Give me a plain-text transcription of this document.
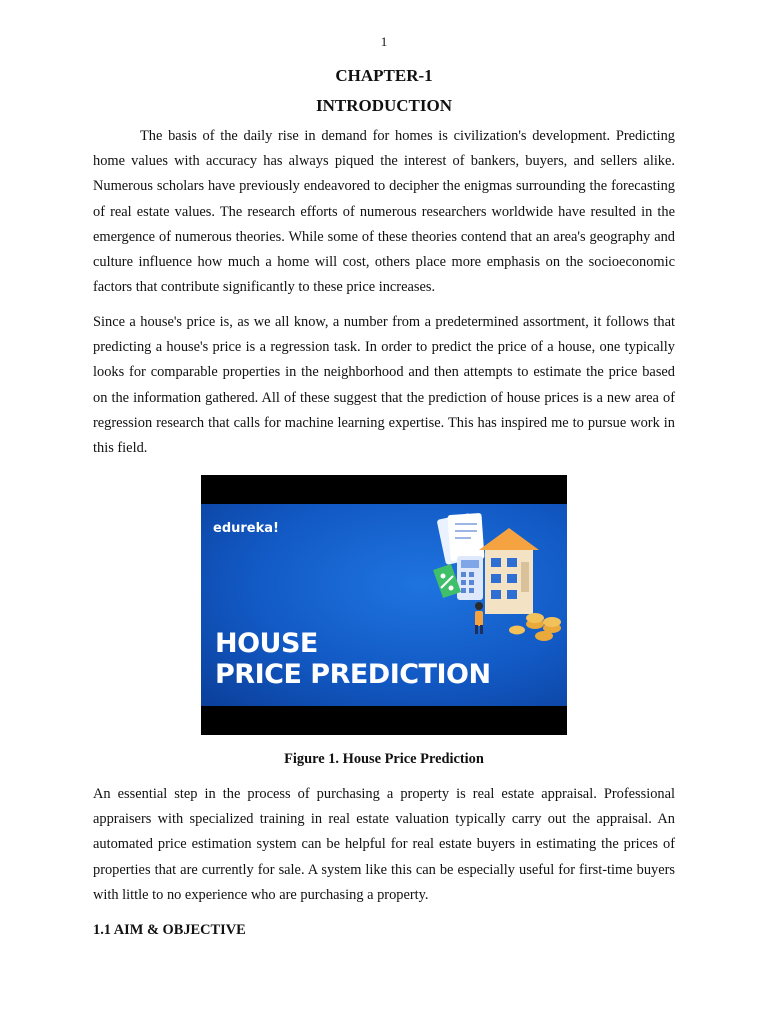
1
CHAPTER-1
INTRODUCTION

The basis of the daily rise in demand for homes is civilization's development. Predicting home values with accuracy has always piqued the interest of bankers, buyers, and sellers alike. Numerous scholars have previously endeavored to decipher the enigmas surrounding the forecasting of real estate values. The research efforts of numerous researchers worldwide have resulted in the emergence of numerous theories. While some of these theories contend that an area's geography and culture influence how much a home will cost, others place more emphasis on the socioeconomic factors that contribute significantly to these price increases.

Since a house's price is, as we all know, a number from a predetermined assortment, it follows that predicting a house's price is a regression task. In order to predict the price of a house, one typically looks for comparable properties in the neighborhood and then attempts to estimate the price based on the information gathered. All of these suggest that the prediction of house prices is a new area of regression research that calls for machine learning expertise. This has inspired me to pursue work in this field.

edureka!
HOUSE
PRICE PREDICTION
Figure 1. House Price Prediction

An essential step in the process of purchasing a property is real estate appraisal. Professional appraisers with specialized training in real estate valuation typically carry out the appraisal. An automated price estimation system can be helpful for real estate buyers in estimating the prices of properties that are currently for sale. A system like this can be especially useful for first-time buyers with little to no experience who are purchasing a property.

1.1 AIM & OBJECTIVE
